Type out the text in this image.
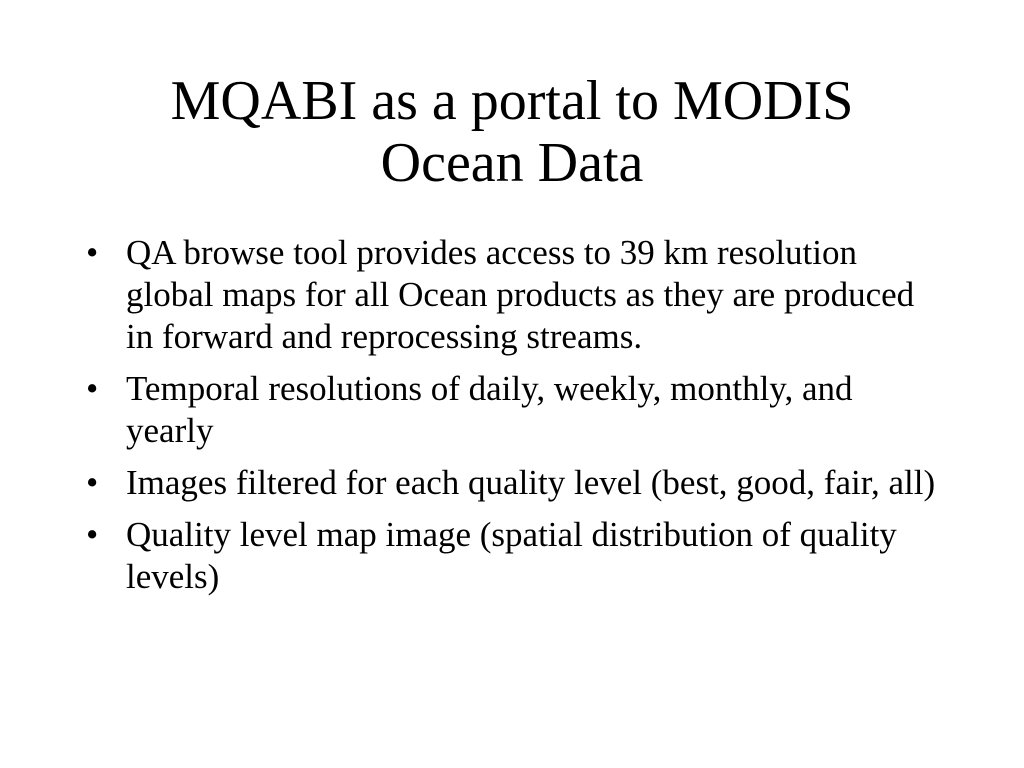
MQABI as a portal to MODIS
Ocean Data
• QA browse tool provides access to 39 km resolution global maps for all Ocean products as they are produced in forward and reprocessing streams.
• Temporal resolutions of daily, weekly, monthly, and yearly
• Images filtered for each quality level (best, good, fair, all)
• Quality level map image (spatial distribution of quality levels)
